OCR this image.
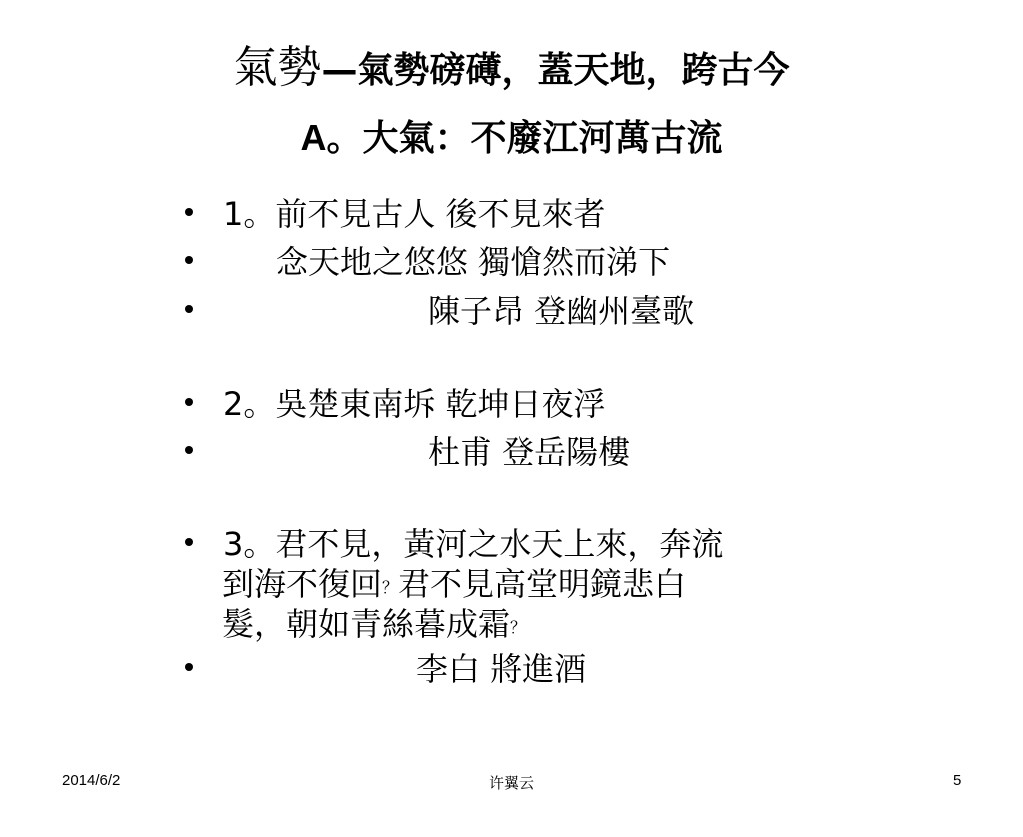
氣勢—氣勢磅礡，蓋天地，跨古今
A。大氣：不廢江河萬古流
1。前不見古人 後不見來者
念天地之悠悠 獨愴然而涕下
陳子昂 登幽州臺歌
2。吳楚東南坼 乾坤日夜浮
杜甫 登岳陽樓
3。君不見，黃河之水天上來，奔流
到海不復回？君不見高堂明鏡悲白
髮，朝如青絲暮成霜？
李白 將進酒
2014/6/2	许翼云	5
